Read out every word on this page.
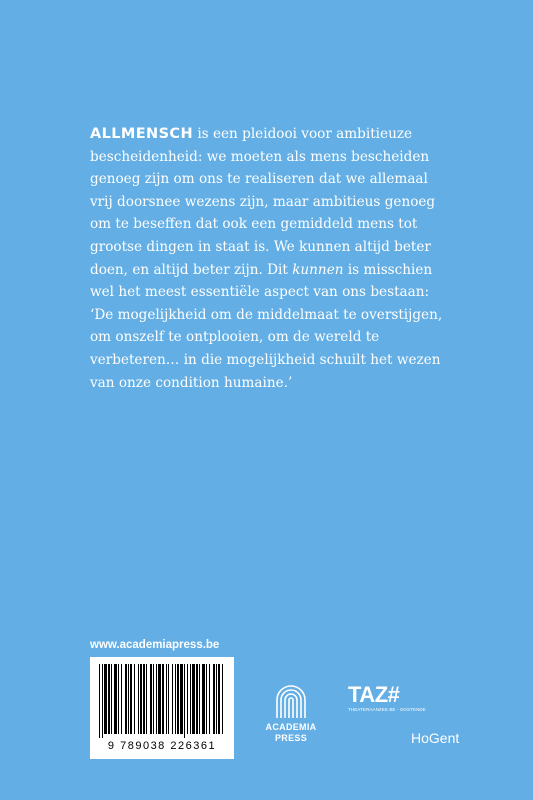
ALLMENSCH is een pleidooi voor ambitieuze

bescheidenheid: we moeten als mens bescheiden

genoeg zijn om ons te realiseren dat we allemaal

vrij doorsnee wezens zijn, maar ambitieus genoeg

om te beseffen dat ook een gemiddeld mens tot

grootse dingen in staat is. We kunnen altijd beter

doen, en altijd beter zijn. Dit kunnen is misschien

wel het meest essentiële aspect van ons bestaan:

‘De mogelijkheid om de middelmaat te overstijgen,

om onszelf te ontplooien, om de wereld te

verbeteren… in die mogelijkheid schuilt het wezen

van onze condition humaine.’

www.academiapress.be
9 789038 226361
ACADEMIA
PRESS
TAZ#
THEATERAANZEE.BE · OOSTENDE
HoGent
